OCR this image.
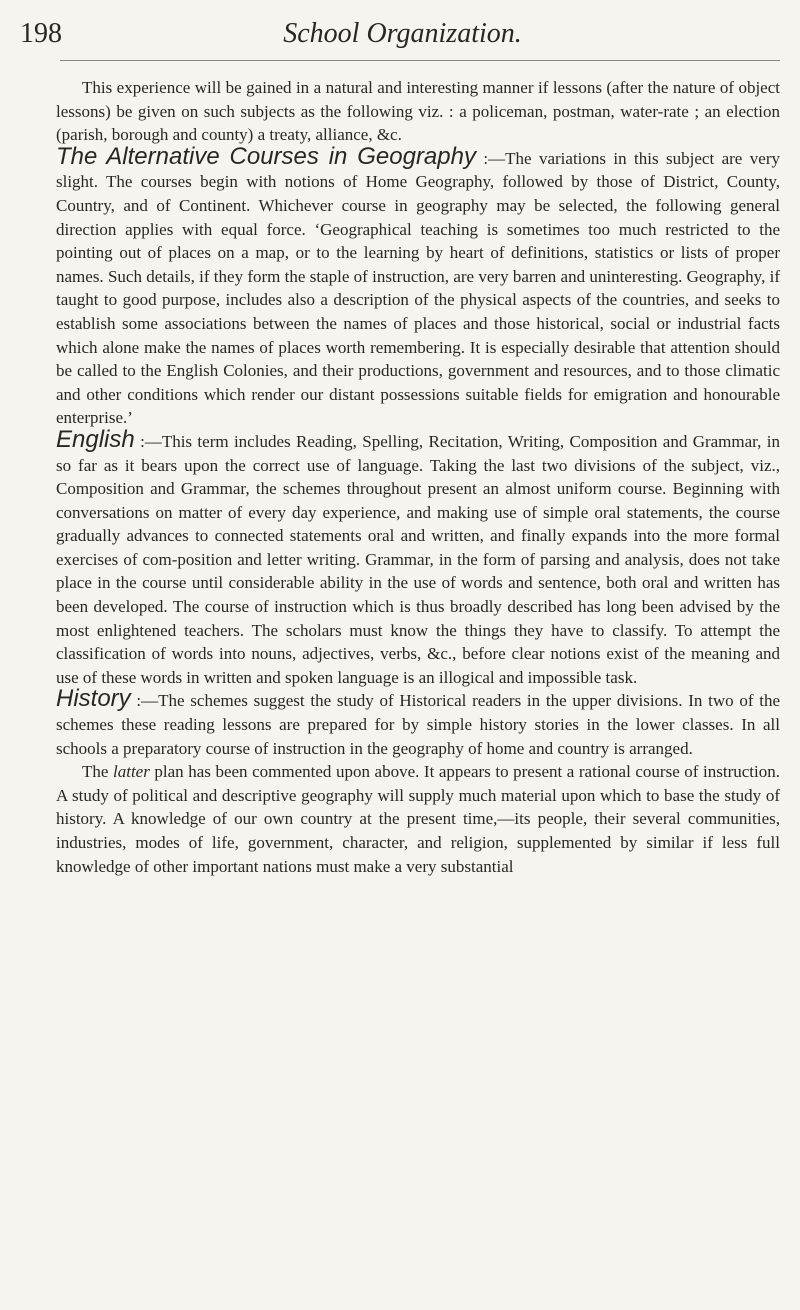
198	School Organization.

This experience will be gained in a natural and interesting manner if lessons (after the nature of object lessons) be given on such subjects as the following viz. : a policeman, postman, water-rate ; an election (parish, borough and county) a treaty, alliance, &c.

The Alternative Courses in Geography :—The variations in this subject are very slight. The courses begin with notions of Home Geography, followed by those of District, County, Country, and of Continent. Whichever course in geography may be selected, the following general direction applies with equal force. ‘Geographical teaching is sometimes too much restricted to the pointing out of places on a map, or to the learning by heart of definitions, statistics or lists of proper names. Such details, if they form the staple of instruction, are very barren and uninteresting. Geography, if taught to good purpose, includes also a description of the physical aspects of the countries, and seeks to establish some associations between the names of places and those historical, social or industrial facts which alone make the names of places worth remembering. It is especially desirable that attention should be called to the English Colonies, and their productions, government and resources, and to those climatic and other conditions which render our distant possessions suitable fields for emigration and honourable enterprise.’

English :—This term includes Reading, Spelling, Recitation, Writing, Composition and Grammar, in so far as it bears upon the correct use of language. Taking the last two divisions of the subject, viz., Composition and Grammar, the schemes throughout present an almost uniform course. Beginning with conversations on matter of every day experience, and making use of simple oral statements, the course gradually advances to connected statements oral and written, and finally expands into the more formal exercises of com-position and letter writing. Grammar, in the form of parsing and analysis, does not take place in the course until considerable ability in the use of words and sentence, both oral and written has been developed. The course of instruction which is thus broadly described has long been advised by the most enlightened teachers. The scholars must know the things they have to classify. To attempt the classification of words into nouns, adjectives, verbs, &c., before clear notions exist of the meaning and use of these words in written and spoken language is an illogical and impossible task.

History :—The schemes suggest the study of Historical readers in the upper divisions. In two of the schemes these reading lessons are prepared for by simple history stories in the lower classes. In all schools a preparatory course of instruction in the geography of home and country is arranged.

The latter plan has been commented upon above. It appears to present a rational course of instruction. A study of political and descriptive geography will supply much material upon which to base the study of history. A knowledge of our own country at the present time,—its people, their several communities, industries, modes of life, government, character, and religion, supplemented by similar if less full knowledge of other important nations must make a very substantial
